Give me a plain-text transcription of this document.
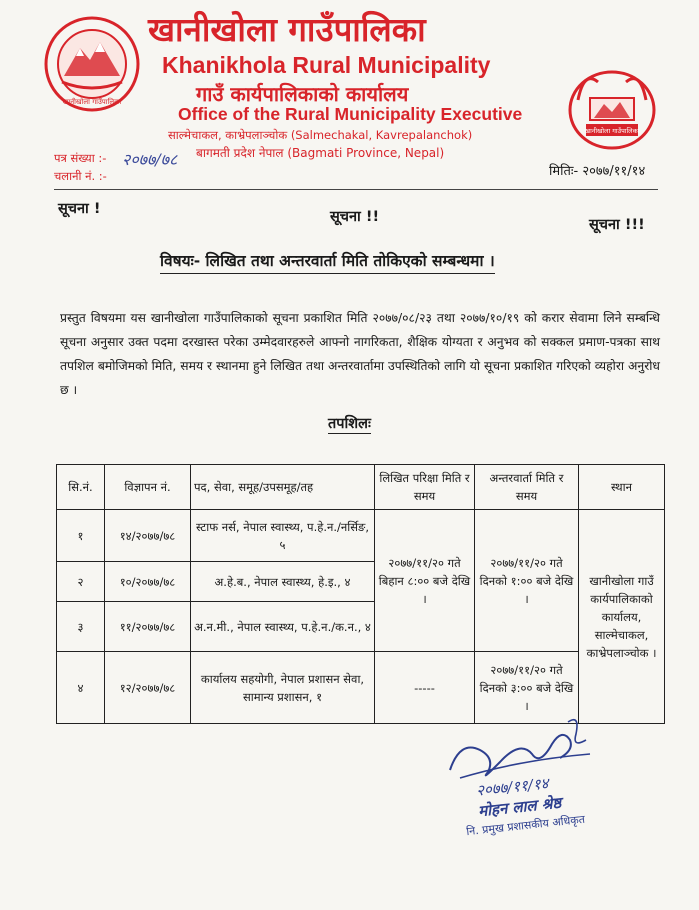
खानीखोला गाउँपालिका
खानीखोला गाउँपालिका
खानीखोला गाउँपालिका
Khanikhola Rural Municipality
गाउँ कार्यपालिकाको कार्यालय
Office of the Rural Municipality Executive
साल्मेचाकल, काभ्रेपलाञ्चोक (Salmechakal, Kavrepalanchok)
बागमती प्रदेश नेपाल (Bagmati Province, Nepal)
पत्र संख्या :- २०७७/७८
चलानी नं. :-	मितिः- २०७७/११/१४
सूचना !	सूचना !!	सूचना !!!
विषयः- लिखित तथा अन्तरवार्ता मिति तोकिएको सम्बन्धमा ।
प्रस्तुत विषयमा यस खानीखोला गाउँपालिकाको सूचना प्रकाशित मिति २०७७/०८/२३ तथा २०७७/१०/१९ को करार सेवामा लिने सम्बन्धि सूचना अनुसार उक्त पदमा दरखास्त परेका उम्मेदवारहरुले आफ्नो नागरिकता, शैक्षिक योग्यता र अनुभव को सक्कल प्रमाण-पत्रका साथ तपशिल बमोजिमको मिति, समय र स्थानमा हुने लिखित तथा अन्तरवार्तामा उपस्थितिको लागि यो सूचना प्रकाशित गरिएको व्यहोरा अनुरोध छ ।
तपशिलः
सि.नं.	विज्ञापन नं.	पद, सेवा, समूह/उपसमूह/तह	लिखित परिक्षा मिति र समय	अन्तरवार्ता मिति र समय	स्थान
१	१४/२०७७/७८	स्टाफ नर्स, नेपाल स्वास्थ्य, प.हे.न./नर्सिङ, ५	२०७७/११/२० गते बिहान ८:०० बजे देखि ।	२०७७/११/२० गते दिनको १:०० बजे देखि ।	खानीखोला गाउँ कार्यपालिकाको कार्यालय, साल्मेचाकल, काभ्रेपलाञ्चोक ।
२	१०/२०७७/७८	अ.हे.ब., नेपाल स्वास्थ्य, हे.इ., ४			
३	११/२०७७/७८	अ.न.मी., नेपाल स्वास्थ्य, प.हे.न./क.न., ४			
४	१२/२०७७/७८	कार्यालय सहयोगी, नेपाल प्रशासन सेवा, सामान्य प्रशासन, १	-----	२०७७/११/२० गते दिनको ३:०० बजे देखि ।	
२०७७/११/१४
मोहन लाल श्रेष्ठ
नि. प्रमुख प्रशासकीय अधिकृत
